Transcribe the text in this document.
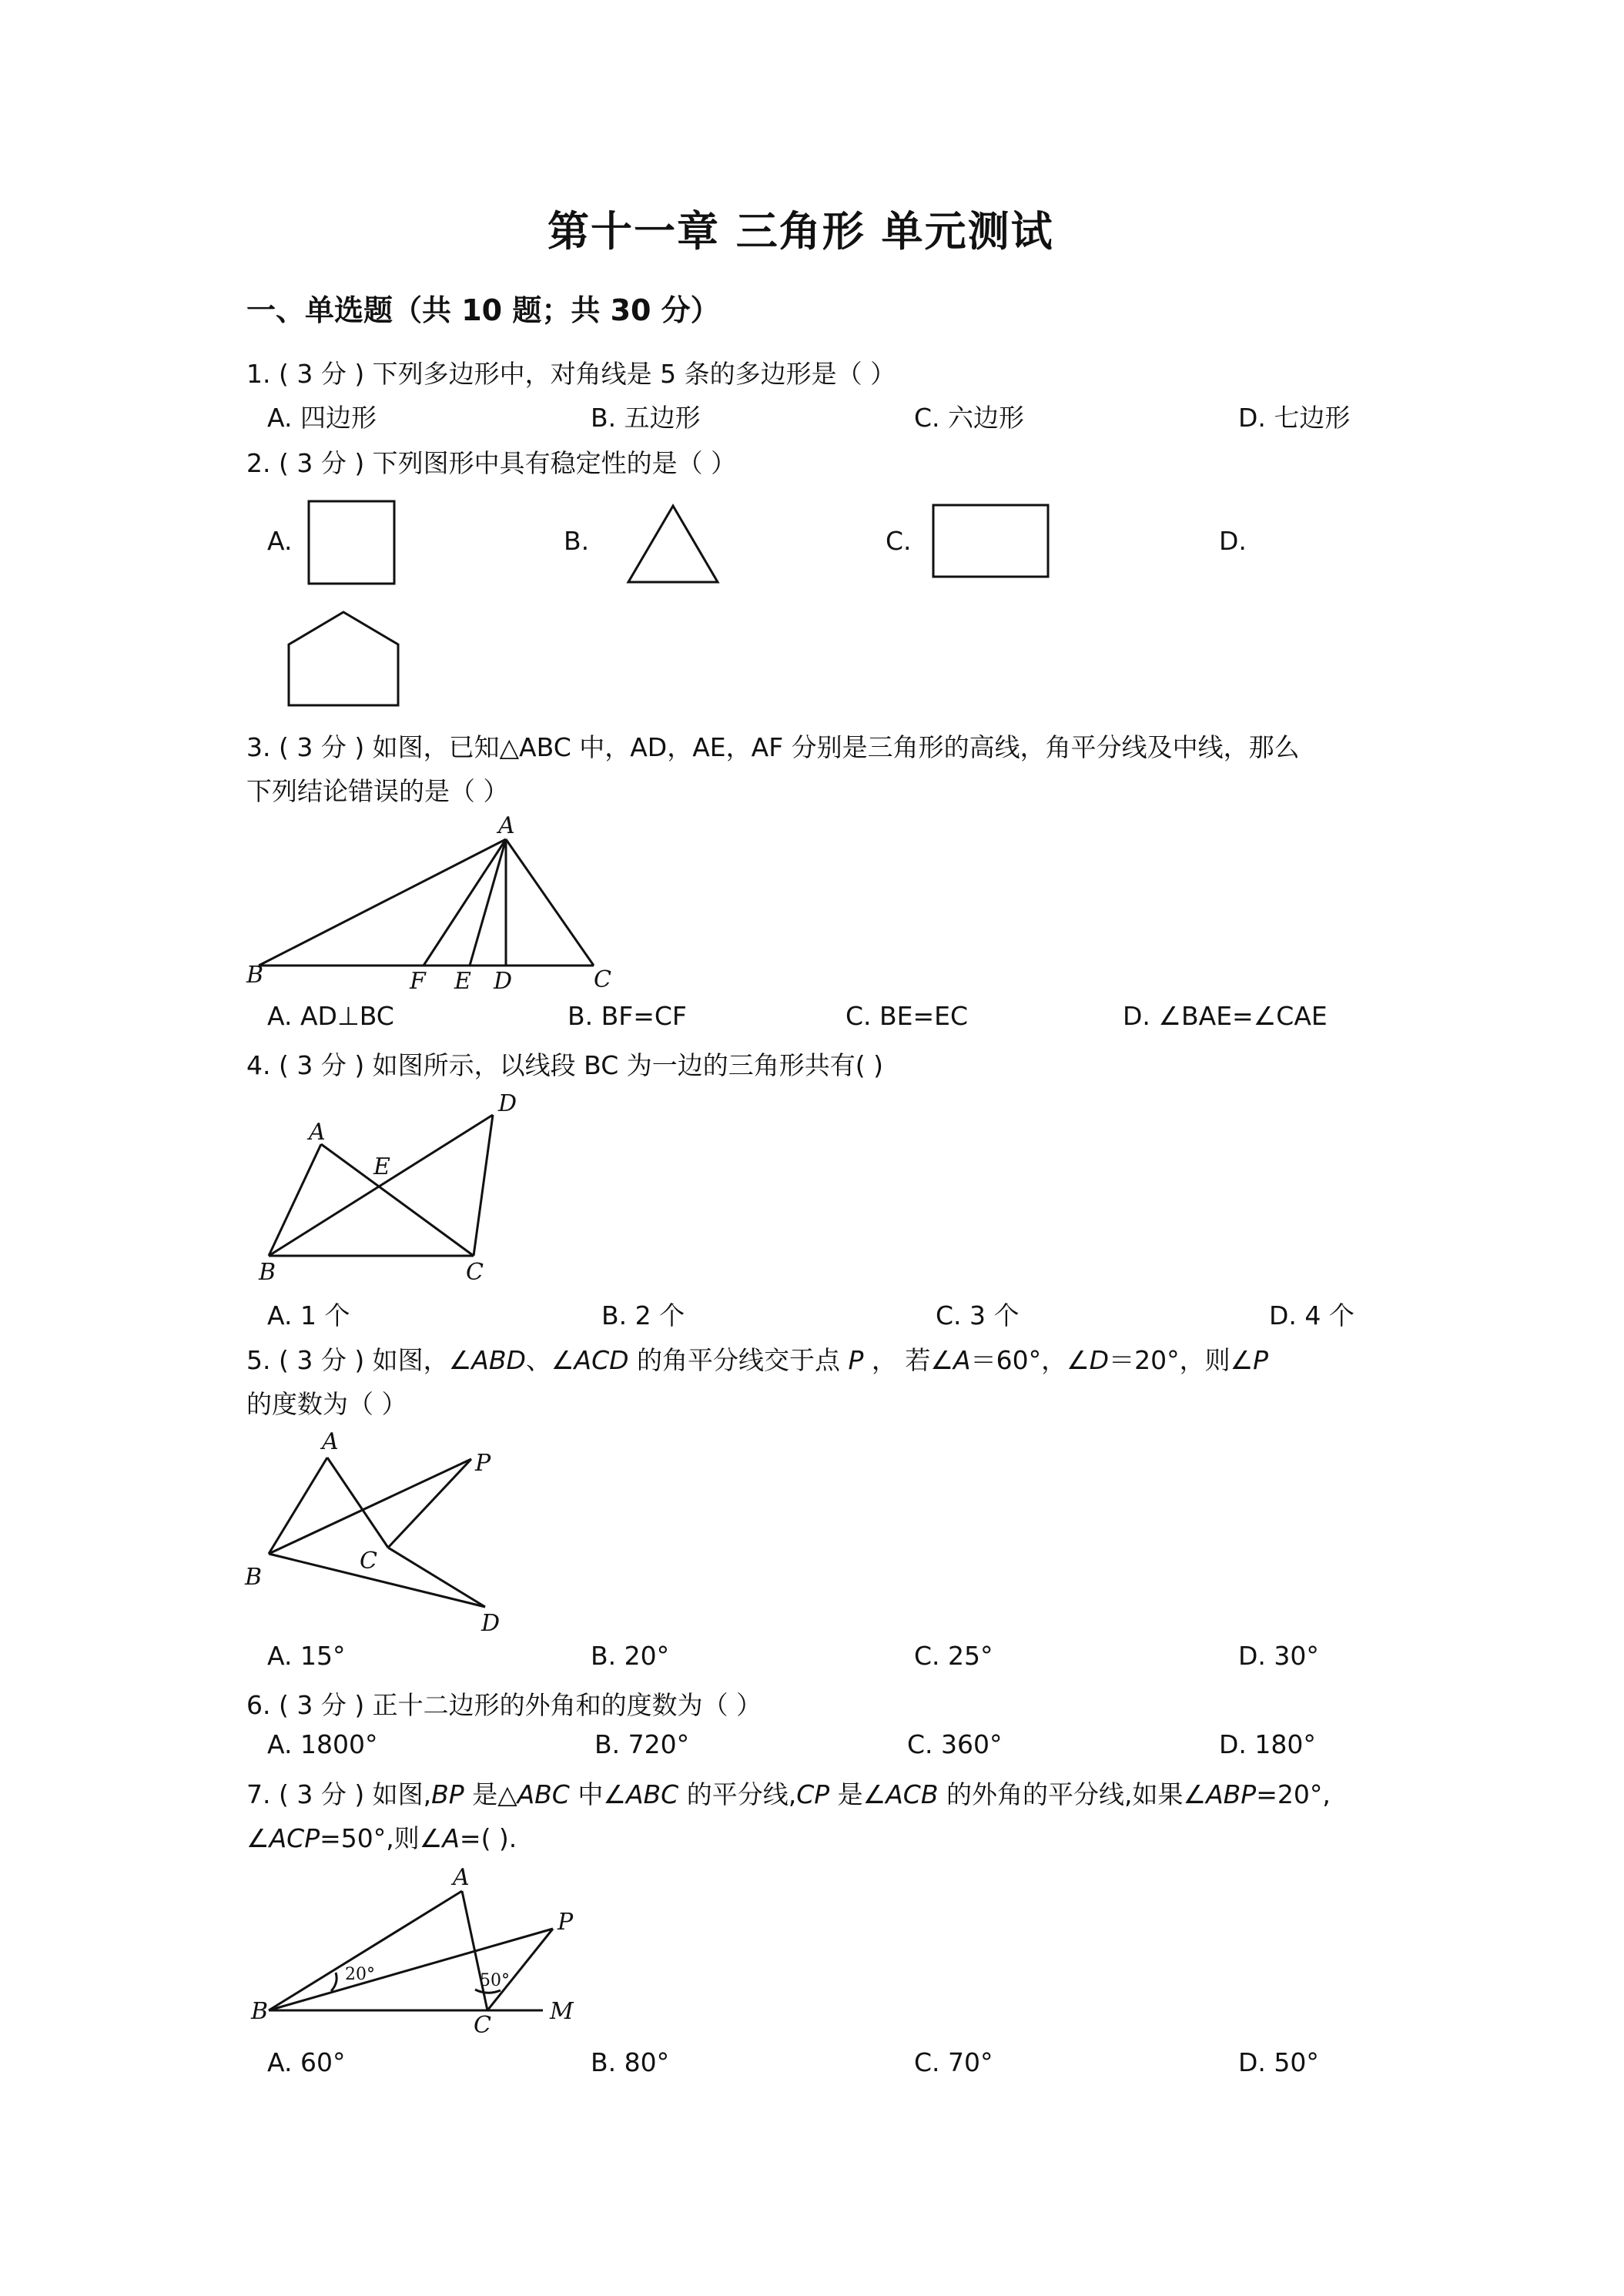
第十一章 三角形 单元测试
一、单选题（共 10 题；共 30 分）
1. ( 3 分 ) 下列多边形中，对角线是 5 条的多边形是（ ）
A. 四边形	B. 五边形	C. 六边形	D. 七边形
2. ( 3 分 ) 下列图形中具有稳定性的是（ ）
A.	B.	C.	D.
3. ( 3 分 ) 如图，已知△ABC 中，AD，AE，AF 分别是三角形的高线，角平分线及中线，那么
下列结论错误的是（ ）
A
B	F E D	C
A. AD⊥BC	B. BF=CF	C. BE=EC	D. ∠BAE=∠CAE
4. ( 3 分 ) 如图所示，以线段 BC 为一边的三角形共有( )
A
D
E
B	C
A. 1 个	B. 2 个	C. 3 个	D. 4 个
5. ( 3 分 ) 如图，∠ABD、∠ACD 的角平分线交于点 P ， 若∠A＝60°，∠D＝20°，则∠P
的度数为（ ）
A
P
B
C
D
A. 15°	B. 20°	C. 25°	D. 30°
6. ( 3 分 ) 正十二边形的外角和的度数为（ ）
A. 1800°	B. 720°	C. 360°	D. 180°
7. ( 3 分 ) 如图,BP 是△ABC 中∠ABC 的平分线,CP 是∠ACB 的外角的平分线,如果∠ABP=20°,
∠ACP=50°,则∠A=( ).
A
P
20°	50°
B
C
M
A. 60°	B. 80°	C. 70°	D. 50°
